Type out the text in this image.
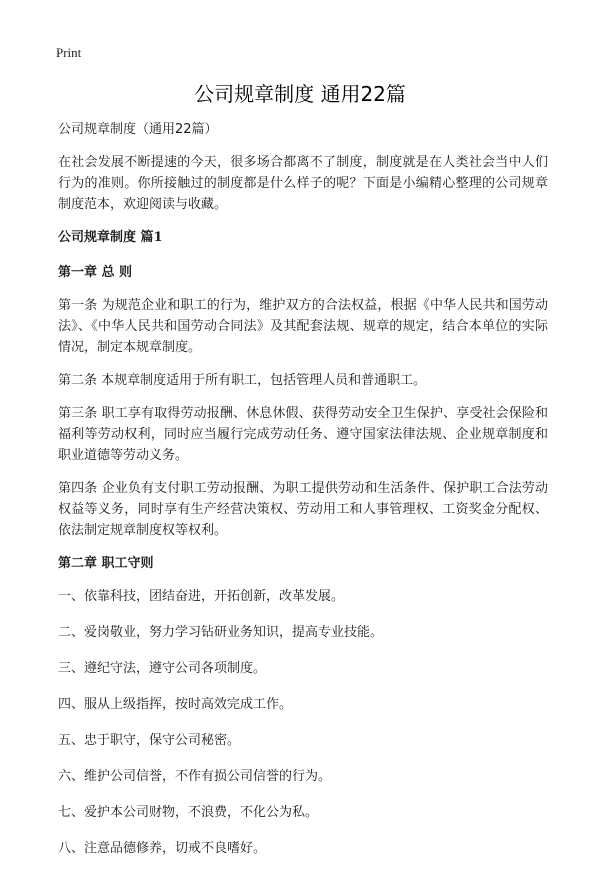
Print
公司规章制度 通用22篇

公司规章制度（通用22篇）

在社会发展不断提速的今天，很多场合都离不了制度，制度就是在人类社会当中人们行为的准则。你所接触过的制度都是什么样子的呢？下面是小编精心整理的公司规章制度范本，欢迎阅读与收藏。

公司规章制度 篇1

第一章 总 则

第一条 为规范企业和职工的行为，维护双方的合法权益，根据《中华人民共和国劳动法》、《中华人民共和国劳动合同法》及其配套法规、规章的规定，结合本单位的实际情况，制定本规章制度。

第二条 本规章制度适用于所有职工，包括管理人员和普通职工。

第三条 职工享有取得劳动报酬、休息休假、获得劳动安全卫生保护、享受社会保险和福利等劳动权利，同时应当履行完成劳动任务、遵守国家法律法规、企业规章制度和职业道德等劳动义务。

第四条 企业负有支付职工劳动报酬、为职工提供劳动和生活条件、保护职工合法劳动权益等义务，同时享有生产经营决策权、劳动用工和人事管理权、工资奖金分配权、依法制定规章制度权等权利。

第二章 职工守则

一、依靠科技，团结奋进，开拓创新，改革发展。

二、爱岗敬业，努力学习钻研业务知识，提高专业技能。

三、遵纪守法，遵守公司各项制度。

四、服从上级指挥，按时高效完成工作。

五、忠于职守，保守公司秘密。

六、维护公司信誉，不作有损公司信誉的行为。

七、爱护本公司财物，不浪费，不化公为私。

八、注意品德修养，切戒不良嗜好。
